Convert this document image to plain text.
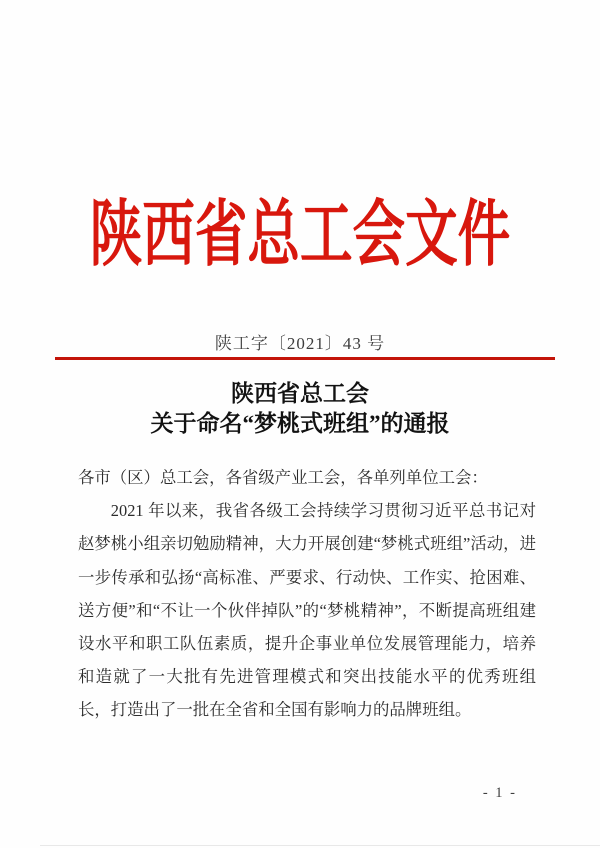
陕西省总工会文件
陕工字〔2021〕43 号
陕西省总工会
关于命名“梦桃式班组”的通报

各市（区）总工会，各省级产业工会，各单列单位工会：

2021 年以来，我省各级工会持续学习贯彻习近平总书记对赵梦桃小组亲切勉励精神，大力开展创建“梦桃式班组”活动，进一步传承和弘扬“高标准、严要求、行动快、工作实、抢困难、送方便”和“不让一个伙伴掉队”的“梦桃精神”，不断提高班组建设水平和职工队伍素质，提升企事业单位发展管理能力，培养和造就了一大批有先进管理模式和突出技能水平的优秀班组长，打造出了一批在全省和全国有影响力的品牌班组。

- 1 -
